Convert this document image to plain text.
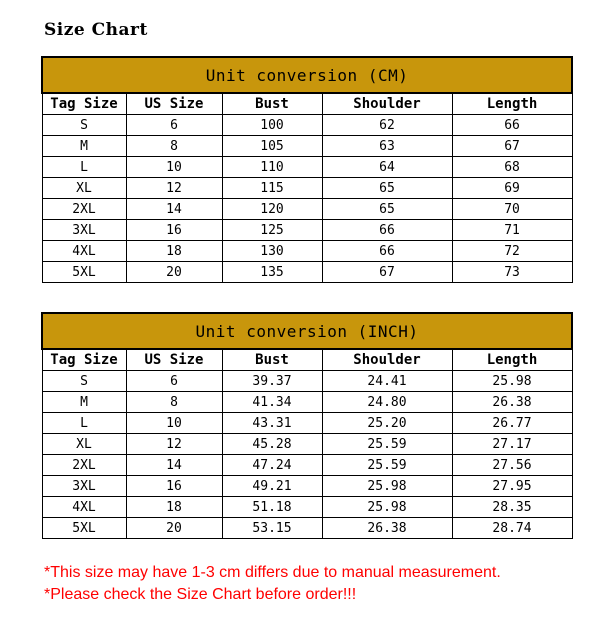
Size Chart
Unit conversion (CM)				
Tag Size	US Size	Bust	Shoulder	Length
S	6	100	62	66
M	8	105	63	67
L	10	110	64	68
XL	12	115	65	69
2XL	14	120	65	70
3XL	16	125	66	71
4XL	18	130	66	72
5XL	20	135	67	73
Unit conversion (INCH)				
Tag Size	US Size	Bust	Shoulder	Length
S	6	39.37	24.41	25.98
M	8	41.34	24.80	26.38
L	10	43.31	25.20	26.77
XL	12	45.28	25.59	27.17
2XL	14	47.24	25.59	27.56
3XL	16	49.21	25.98	27.95
4XL	18	51.18	25.98	28.35
5XL	20	53.15	26.38	28.74
*This size may have 1-3 cm differs due to manual measurement.
*Please check the Size Chart before order!!!
